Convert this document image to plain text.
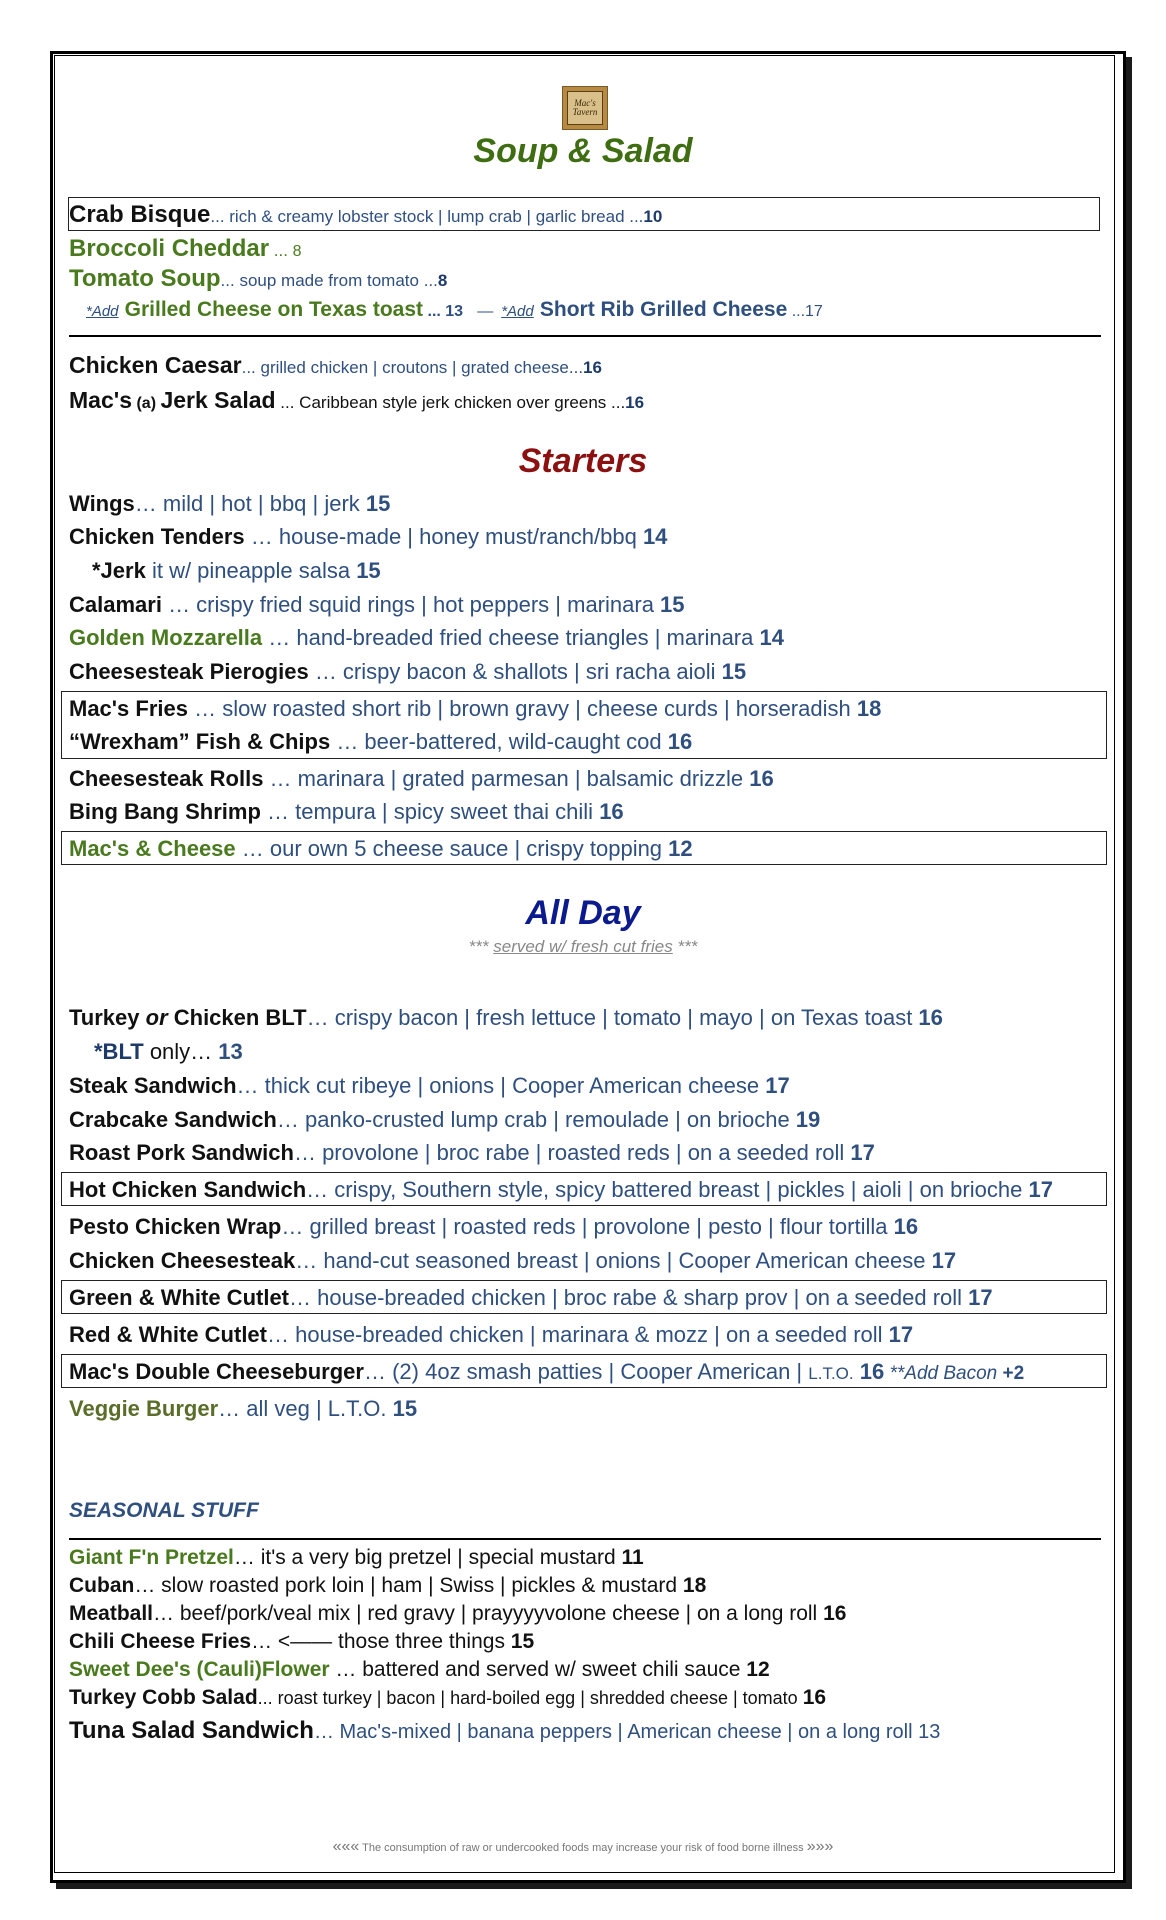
Mac's Tavern
Soup & Salad
Crab Bisque... rich & creamy lobster stock | lump crab | garlic bread ...10
Broccoli Cheddar ... 8
Tomato Soup... soup made from tomato ...8
*Add Grilled Cheese on Texas toast ... 13 — *Add Short Rib Grilled Cheese ...17
Chicken Caesar... grilled chicken | croutons | grated cheese...16
Mac's (a) Jerk Salad ... Caribbean style jerk chicken over greens ...16
Starters
Wings… mild | hot | bbq | jerk 15
Chicken Tenders … house-made | honey must/ranch/bbq 14
*Jerk it w/ pineapple salsa 15
Calamari … crispy fried squid rings | hot peppers | marinara 15
Golden Mozzarella … hand-breaded fried cheese triangles | marinara 14
Cheesesteak Pierogies … crispy bacon & shallots | sri racha aioli 15
Mac's Fries … slow roasted short rib | brown gravy | cheese curds | horseradish 18
“Wrexham” Fish & Chips … beer-battered, wild-caught cod 16
Cheesesteak Rolls … marinara | grated parmesan | balsamic drizzle 16
Bing Bang Shrimp … tempura | spicy sweet thai chili 16
Mac's & Cheese … our own 5 cheese sauce | crispy topping 12
All Day
*** served w/ fresh cut fries ***
Turkey or Chicken BLT… crispy bacon | fresh lettuce | tomato | mayo | on Texas toast 16
*BLT only… 13
Steak Sandwich… thick cut ribeye | onions | Cooper American cheese 17
Crabcake Sandwich… panko-crusted lump crab | remoulade | on brioche 19
Roast Pork Sandwich… provolone | broc rabe | roasted reds | on a seeded roll 17
Hot Chicken Sandwich… crispy, Southern style, spicy battered breast | pickles | aioli | on brioche 17
Pesto Chicken Wrap… grilled breast | roasted reds | provolone | pesto | flour tortilla 16
Chicken Cheesesteak… hand-cut seasoned breast | onions | Cooper American cheese 17
Green & White Cutlet… house-breaded chicken | broc rabe & sharp prov | on a seeded roll 17
Red & White Cutlet… house-breaded chicken | marinara & mozz | on a seeded roll 17
Mac's Double Cheeseburger… (2) 4oz smash patties | Cooper American | L.T.O. 16 **Add Bacon +2
Veggie Burger… all veg | L.T.O. 15
SEASONAL STUFF
Giant F'n Pretzel… it's a very big pretzel | special mustard 11
Cuban… slow roasted pork loin | ham | Swiss | pickles & mustard 18
Meatball… beef/pork/veal mix | red gravy | prayyyyvolone cheese | on a long roll 16
Chili Cheese Fries… <—— those three things 15
Sweet Dee's (Cauli)Flower … battered and served w/ sweet chili sauce 12
Turkey Cobb Salad... roast turkey | bacon | hard-boiled egg | shredded cheese | tomato 16
Tuna Salad Sandwich… Mac's-mixed | banana peppers | American cheese | on a long roll 13
««« The consumption of raw or undercooked foods may increase your risk of food borne illness »»»
